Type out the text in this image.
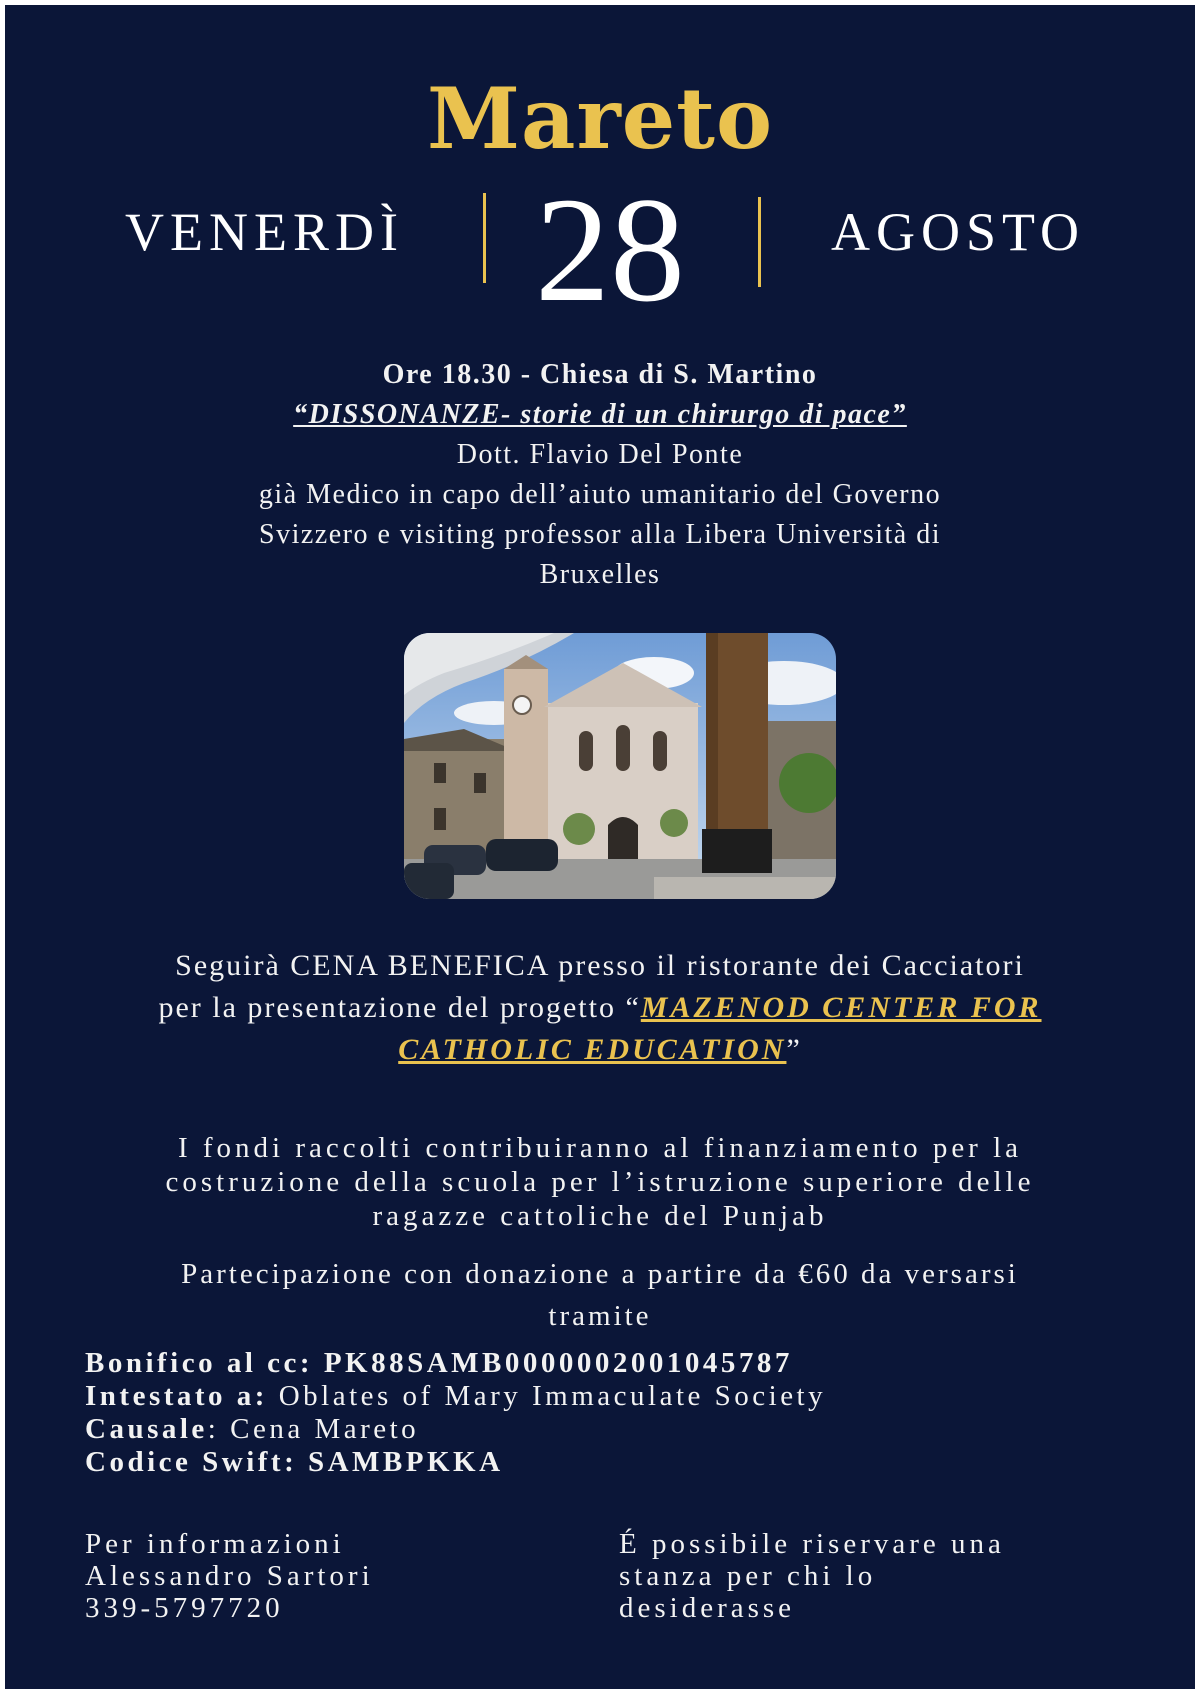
Mareto
VENERDÌ 28	AGOSTO
Ore 18.30 - Chiesa di S. Martino
“DISSONANZE- storie di un chirurgo di pace”
Dott. Flavio Del Ponte
già Medico in capo dell’aiuto umanitario del Governo
Svizzero e visiting professor alla Libera Università di
Bruxelles
Seguirà CENA BENEFICA presso il ristorante dei Cacciatori
per la presentazione del progetto “MAZENOD CENTER FOR
CATHOLIC EDUCATION”
I fondi raccolti contribuiranno al finanziamento per la
costruzione della scuola per l’istruzione superiore delle
ragazze cattoliche del Punjab
Partecipazione con donazione a partire da €60 da versarsi
tramite
Bonifico al cc: PK88SAMB0000002001045787
Intestato a: Oblates of Mary Immaculate Society
Causale: Cena Mareto
Codice Swift: SAMBPKKA
Per informazioni
Alessandro Sartori
339-5797720
É possibile riservare una
stanza per chi lo
desiderasse
